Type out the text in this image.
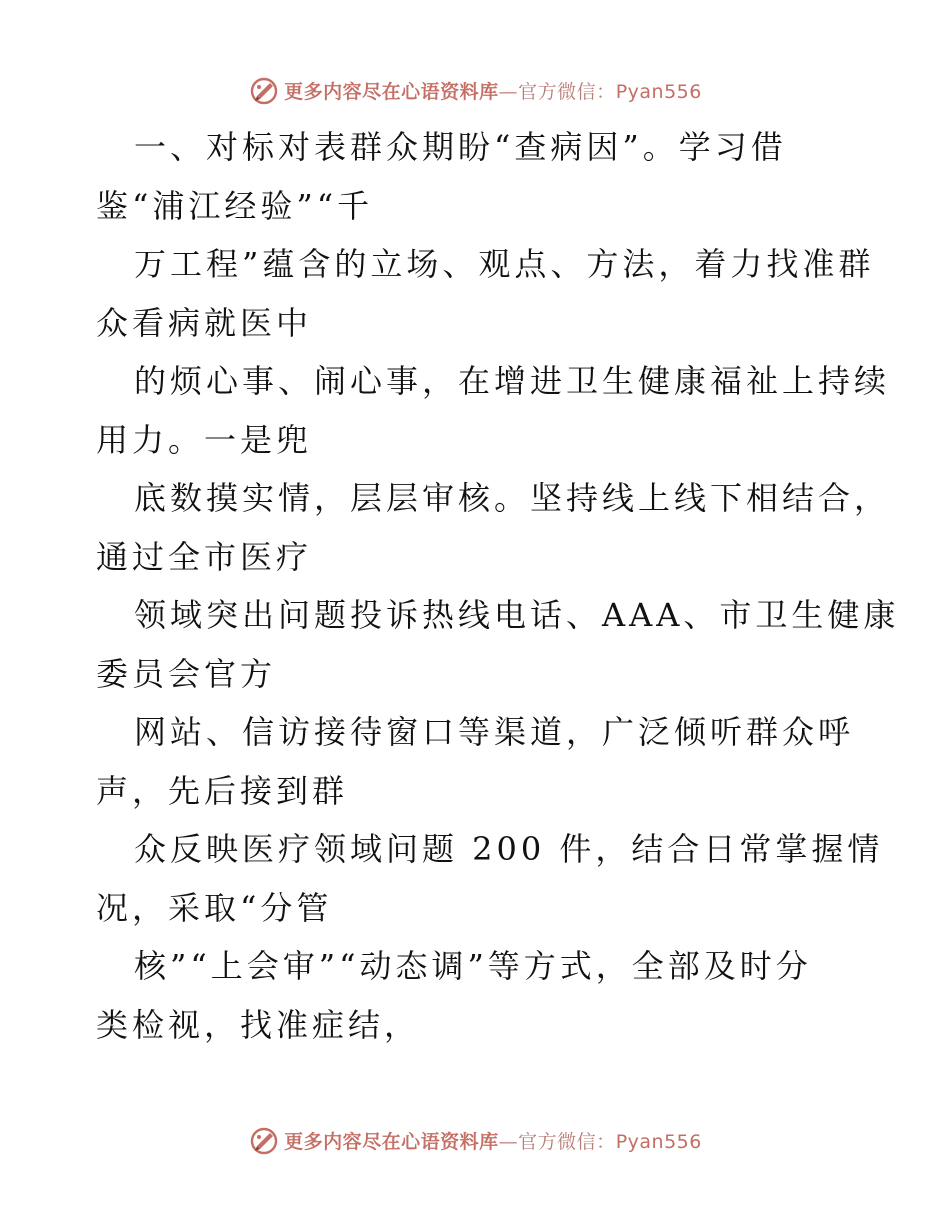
更多内容尽在心语资料库—官方微信：Pyan556
一、对标对表群众期盼“查病因”。学习借
鉴“浦江经验”“千
万工程”蕴含的立场、观点、方法，着力找准群
众看病就医中
的烦心事、闹心事，在增进卫生健康福祉上持续
用力。一是兜
底数摸实情，层层审核。坚持线上线下相结合，
通过全市医疗
领域突出问题投诉热线电话、AAA、市卫生健康
委员会官方
网站、信访接待窗口等渠道，广泛倾听群众呼
声，先后接到群
众反映医疗领域问题 200 件，结合日常掌握情
况，采取“分管
核”“上会审”“动态调”等方式，全部及时分
类检视，找准症结，
更多内容尽在心语资料库—官方微信：Pyan556
